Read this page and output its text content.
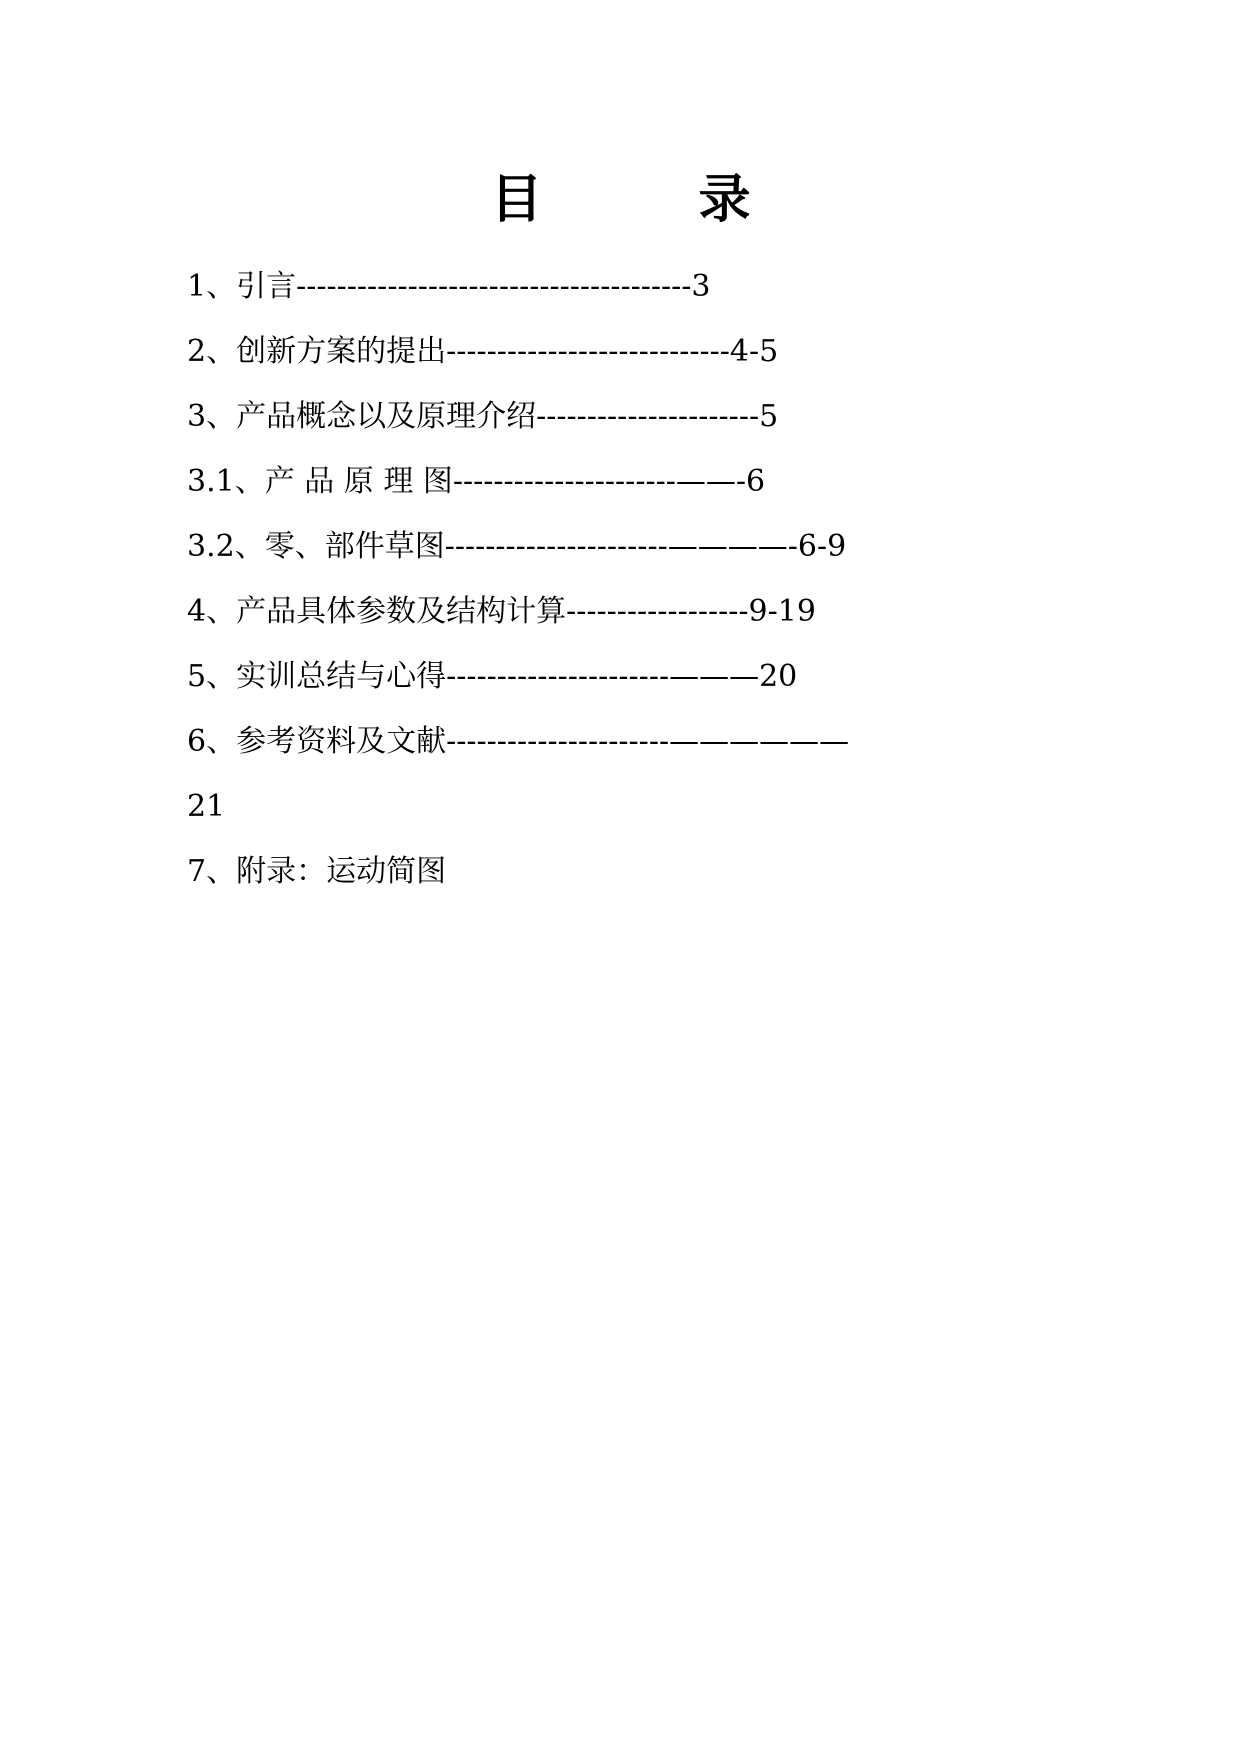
目　　　录
1、引言---------------------------------------3
2、创新方案的提出----------------------------4-5
3、产品概念以及原理介绍----------------------5
3.1、产 品 原 理 图----------------------——-6
3.2、零、部件草图----------------------————-6-9
4、产品具体参数及结构计算------------------9-19
5、实训总结与心得----------------------———20
6、参考资料及文献----------------------——————
21
7、附录：运动简图
